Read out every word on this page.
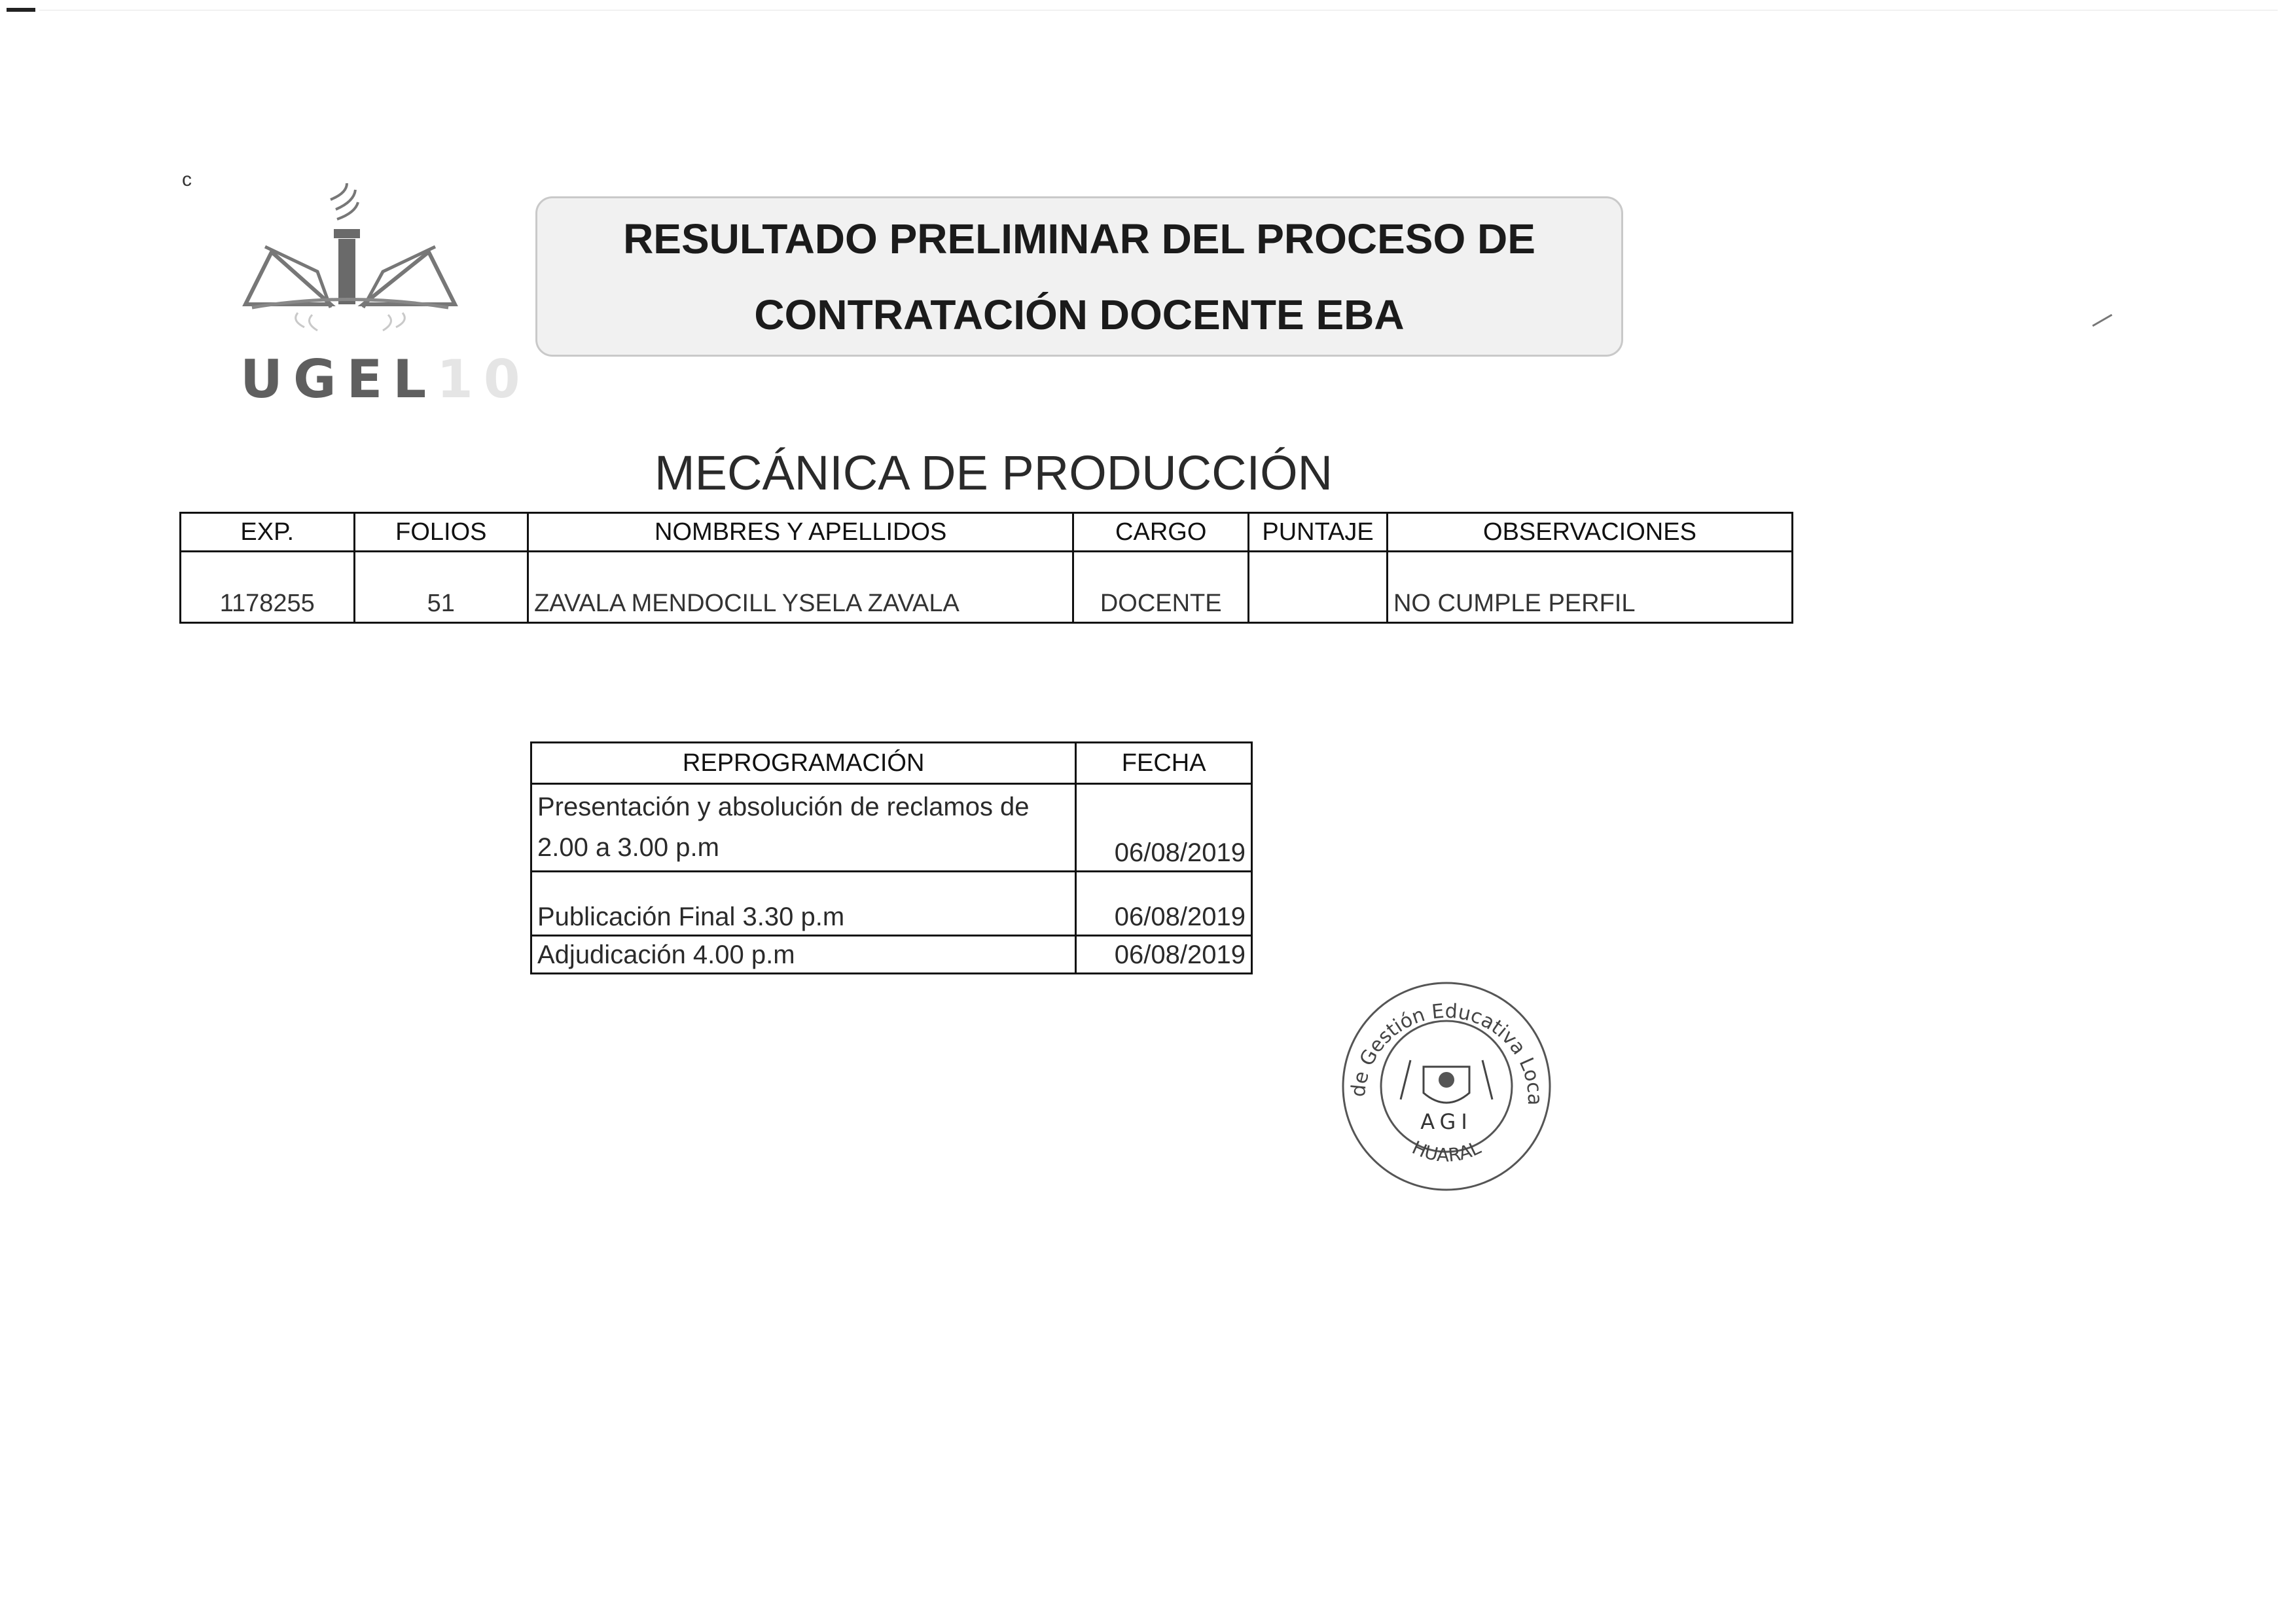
c
UGEL10
RESULTADO PRELIMINAR DEL PROCESO DE
CONTRATACIÓN DOCENTE EBA
MECÁNICA DE PRODUCCIÓN
EXP.	FOLIOS	NOMBRES Y APELLIDOS	CARGO	PUNTAJE	OBSERVACIONES
1178255	51	ZAVALA MENDOCILL YSELA ZAVALA	DOCENTE		NO CUMPLE PERFIL
REPROGRAMACIÓN	FECHA

Presentación y absolución de reclamos de
2.00 a 3.00 p.m	06/08/2019
Publicación Final 3.30 p.m	06/08/2019
Adjudicación 4.00 p.m	06/08/2019
de Gestión Educativa Loca
HUARAL
AGI
